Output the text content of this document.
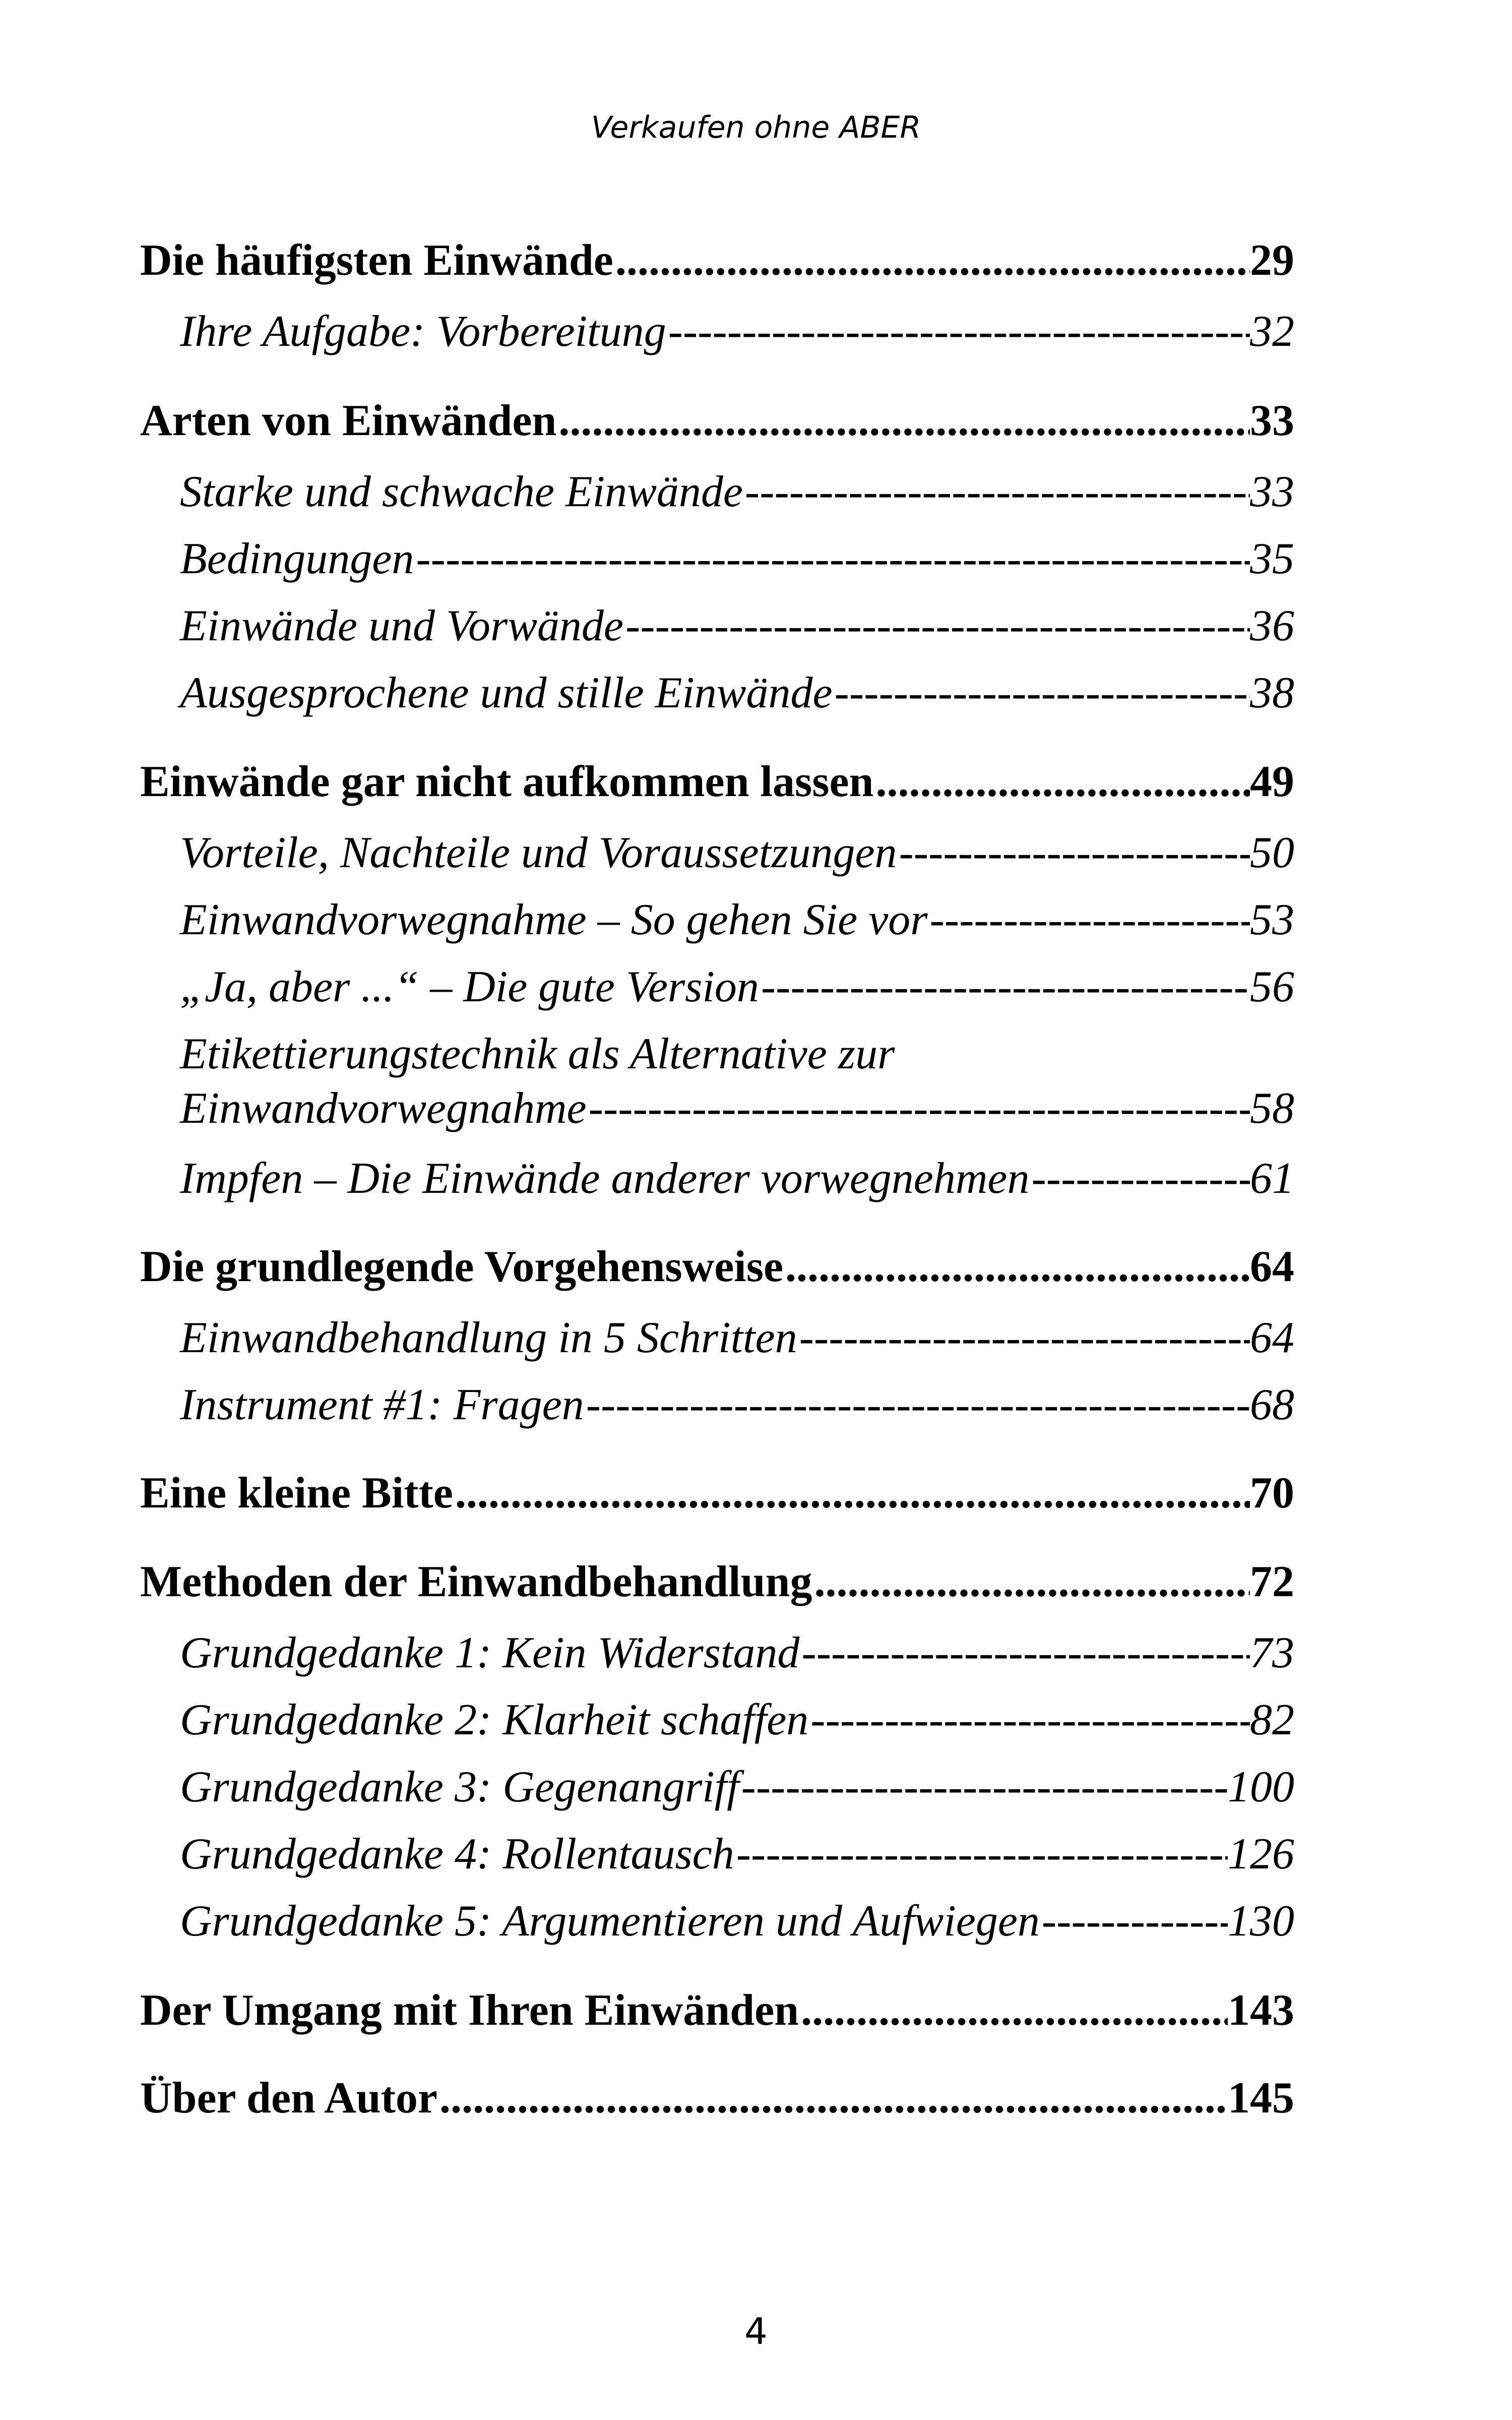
Verkaufen ohne ABER
Die häufigsten Einwände .....	29
Ihre Aufgabe: Vorbereitung -----	32
Arten von Einwänden .....	33
Starke und schwache Einwände -----	33
Bedingungen -----	35
Einwände und Vorwände -----	36
Ausgesprochene und stille Einwände -----	38
Einwände gar nicht aufkommen lassen .....	49
Vorteile, Nachteile und Voraussetzungen -----	50
Einwandvorwegnahme – So gehen Sie vor -----	53
„Ja, aber ...“ – Die gute Version -----	56
Etikettierungstechnik als Alternative zur
Einwandvorwegnahme -----	58
Impfen – Die Einwände anderer vorwegnehmen -----	61
Die grundlegende Vorgehensweise .....	64
Einwandbehandlung in 5 Schritten -----	64
Instrument #1: Fragen -----	68
Eine kleine Bitte .....	70
Methoden der Einwandbehandlung .....	72
Grundgedanke 1: Kein Widerstand -----	73
Grundgedanke 2: Klarheit schaffen -----	82
Grundgedanke 3: Gegenangriff -----	100
Grundgedanke 4: Rollentausch -----	126
Grundgedanke 5: Argumentieren und Aufwiegen -----	130
Der Umgang mit Ihren Einwänden .....	143
Über den Autor .....	145
4
